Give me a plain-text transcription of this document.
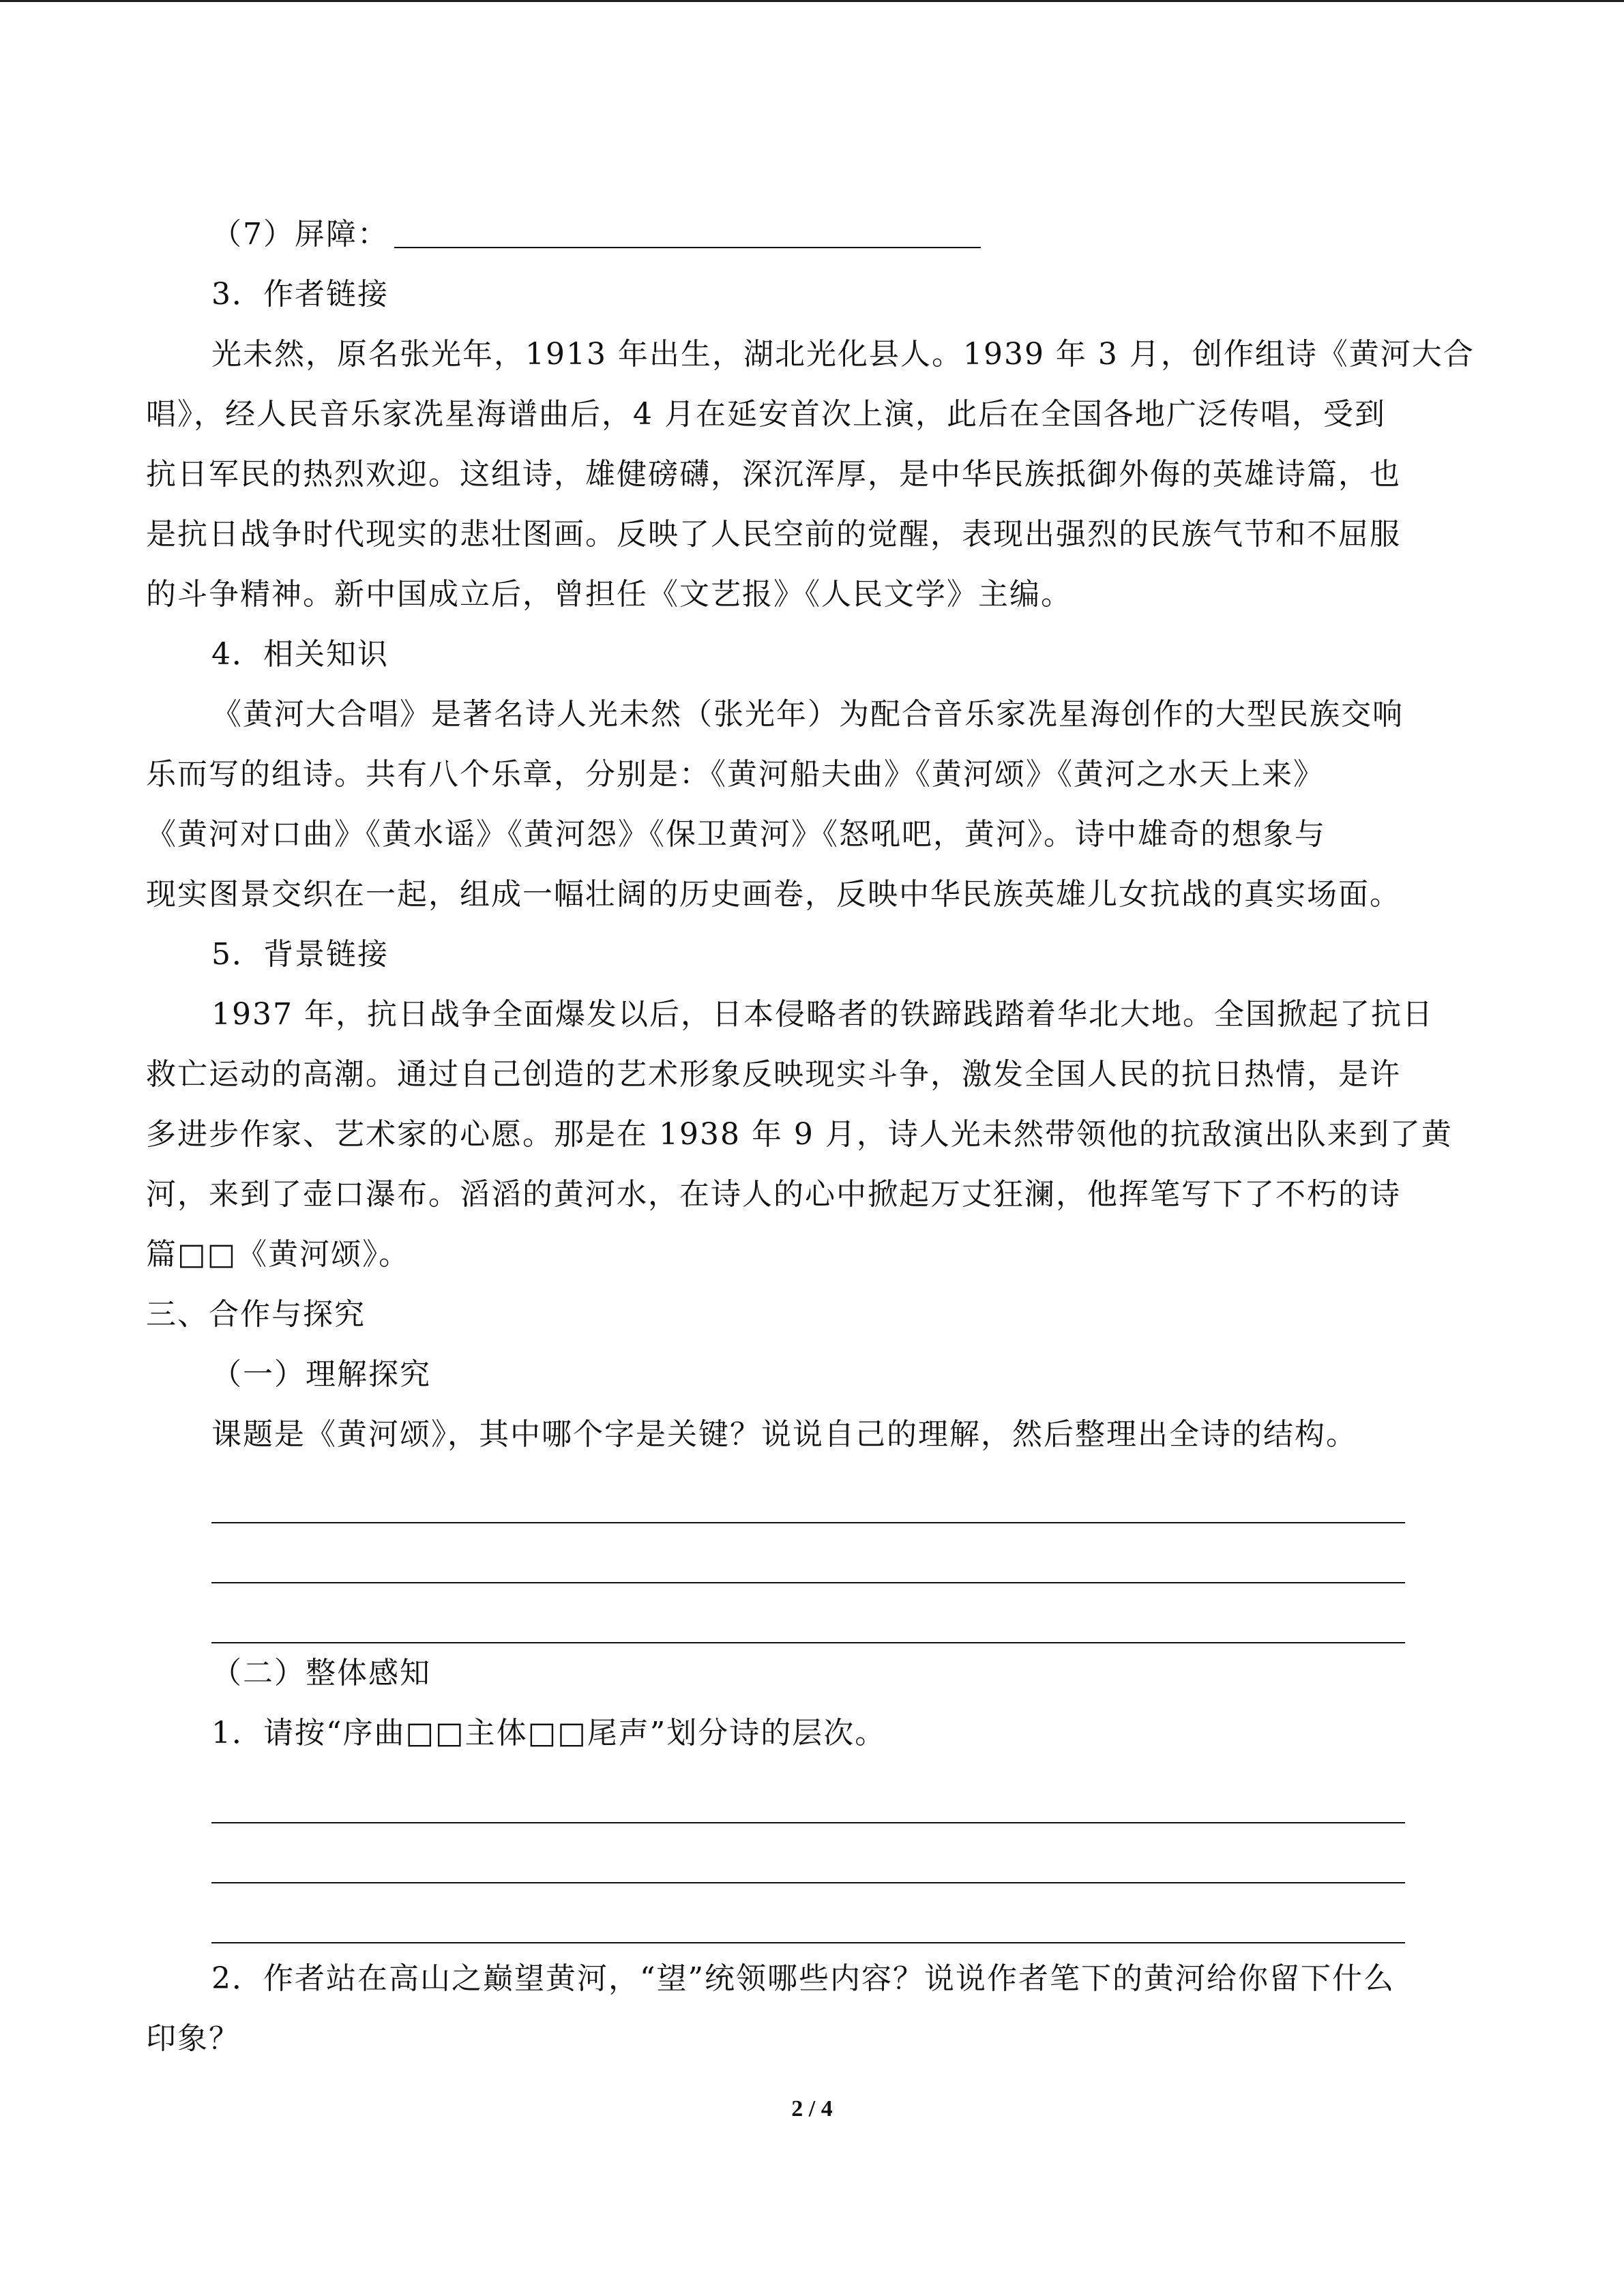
（7）屏障：

3．作者链接

光未然，原名张光年，1913 年出生，湖北光化县人。1939 年 3 月，创作组诗《黄河大合

唱》，经人民音乐家冼星海谱曲后，4 月在延安首次上演，此后在全国各地广泛传唱，受到

抗日军民的热烈欢迎。这组诗，雄健磅礴，深沉浑厚，是中华民族抵御外侮的英雄诗篇，也

是抗日战争时代现实的悲壮图画。反映了人民空前的觉醒，表现出强烈的民族气节和不屈服

的斗争精神。新中国成立后，曾担任《文艺报》《人民文学》主编。

4．相关知识

《黄河大合唱》是著名诗人光未然（张光年）为配合音乐家冼星海创作的大型民族交响

乐而写的组诗。共有八个乐章，分别是：《黄河船夫曲》《黄河颂》《黄河之水天上来》

《黄河对口曲》《黄水谣》《黄河怨》《保卫黄河》《怒吼吧，黄河》。诗中雄奇的想象与

现实图景交织在一起，组成一幅壮阔的历史画卷，反映中华民族英雄儿女抗战的真实场面。

5．背景链接

1937 年，抗日战争全面爆发以后，日本侵略者的铁蹄践踏着华北大地。全国掀起了抗日

救亡运动的高潮。通过自己创造的艺术形象反映现实斗争，激发全国人民的抗日热情，是许

多进步作家、艺术家的心愿。那是在 1938 年 9 月，诗人光未然带领他的抗敌演出队来到了黄

河，来到了壶口瀑布。滔滔的黄河水，在诗人的心中掀起万丈狂澜，他挥笔写下了不朽的诗

篇□□《黄河颂》。

三、合作与探究

（一）理解探究

课题是《黄河颂》，其中哪个字是关键？说说自己的理解，然后整理出全诗的结构。

（二）整体感知

1．请按“序曲□□主体□□尾声”划分诗的层次。

2．作者站在高山之巅望黄河，“望”统领哪些内容？说说作者笔下的黄河给你留下什么

印象？

2 / 4
